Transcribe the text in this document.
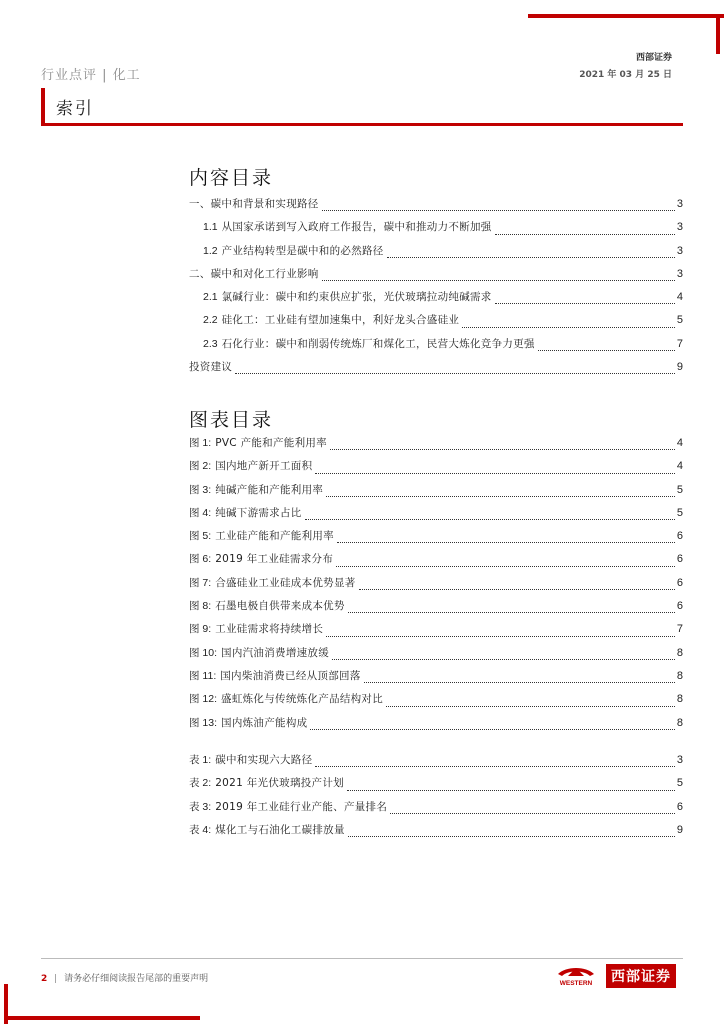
行业点评 | 化工
西部证券
2021 年 03 月 25 日
索引
内容目录
一、碳中和背景和实现路径	3
1.1 从国家承诺到写入政府工作报告，碳中和推动力不断加强	3
1.2 产业结构转型是碳中和的必然路径	3
二、碳中和对化工行业影响	3
2.1 氯碱行业：碳中和约束供应扩张，光伏玻璃拉动纯碱需求	4
2.2 硅化工：工业硅有望加速集中，利好龙头合盛硅业	5
2.3 石化行业：碳中和削弱传统炼厂和煤化工，民营大炼化竞争力更强	7
投资建议	9
图表目录
图 1: PVC 产能和产能利用率	4
图 2: 国内地产新开工面积	4
图 3: 纯碱产能和产能利用率	5
图 4: 纯碱下游需求占比	5
图 5: 工业硅产能和产能利用率	6
图 6: 2019 年工业硅需求分布	6
图 7: 合盛硅业工业硅成本优势显著	6
图 8: 石墨电极自供带来成本优势	6
图 9: 工业硅需求将持续增长	7
图 10: 国内汽油消费增速放缓	8
图 11: 国内柴油消费已经从顶部回落	8
图 12: 盛虹炼化与传统炼化产品结构对比	8
图 13: 国内炼油产能构成	8
表 1: 碳中和实现六大路径	3
表 2: 2021 年光伏玻璃投产计划	5
表 3: 2019 年工业硅行业产能、产量排名	6
表 4: 煤化工与石油化工碳排放量	9
2 | 请务必仔细阅读报告尾部的重要声明	WESTERN	西部证券
